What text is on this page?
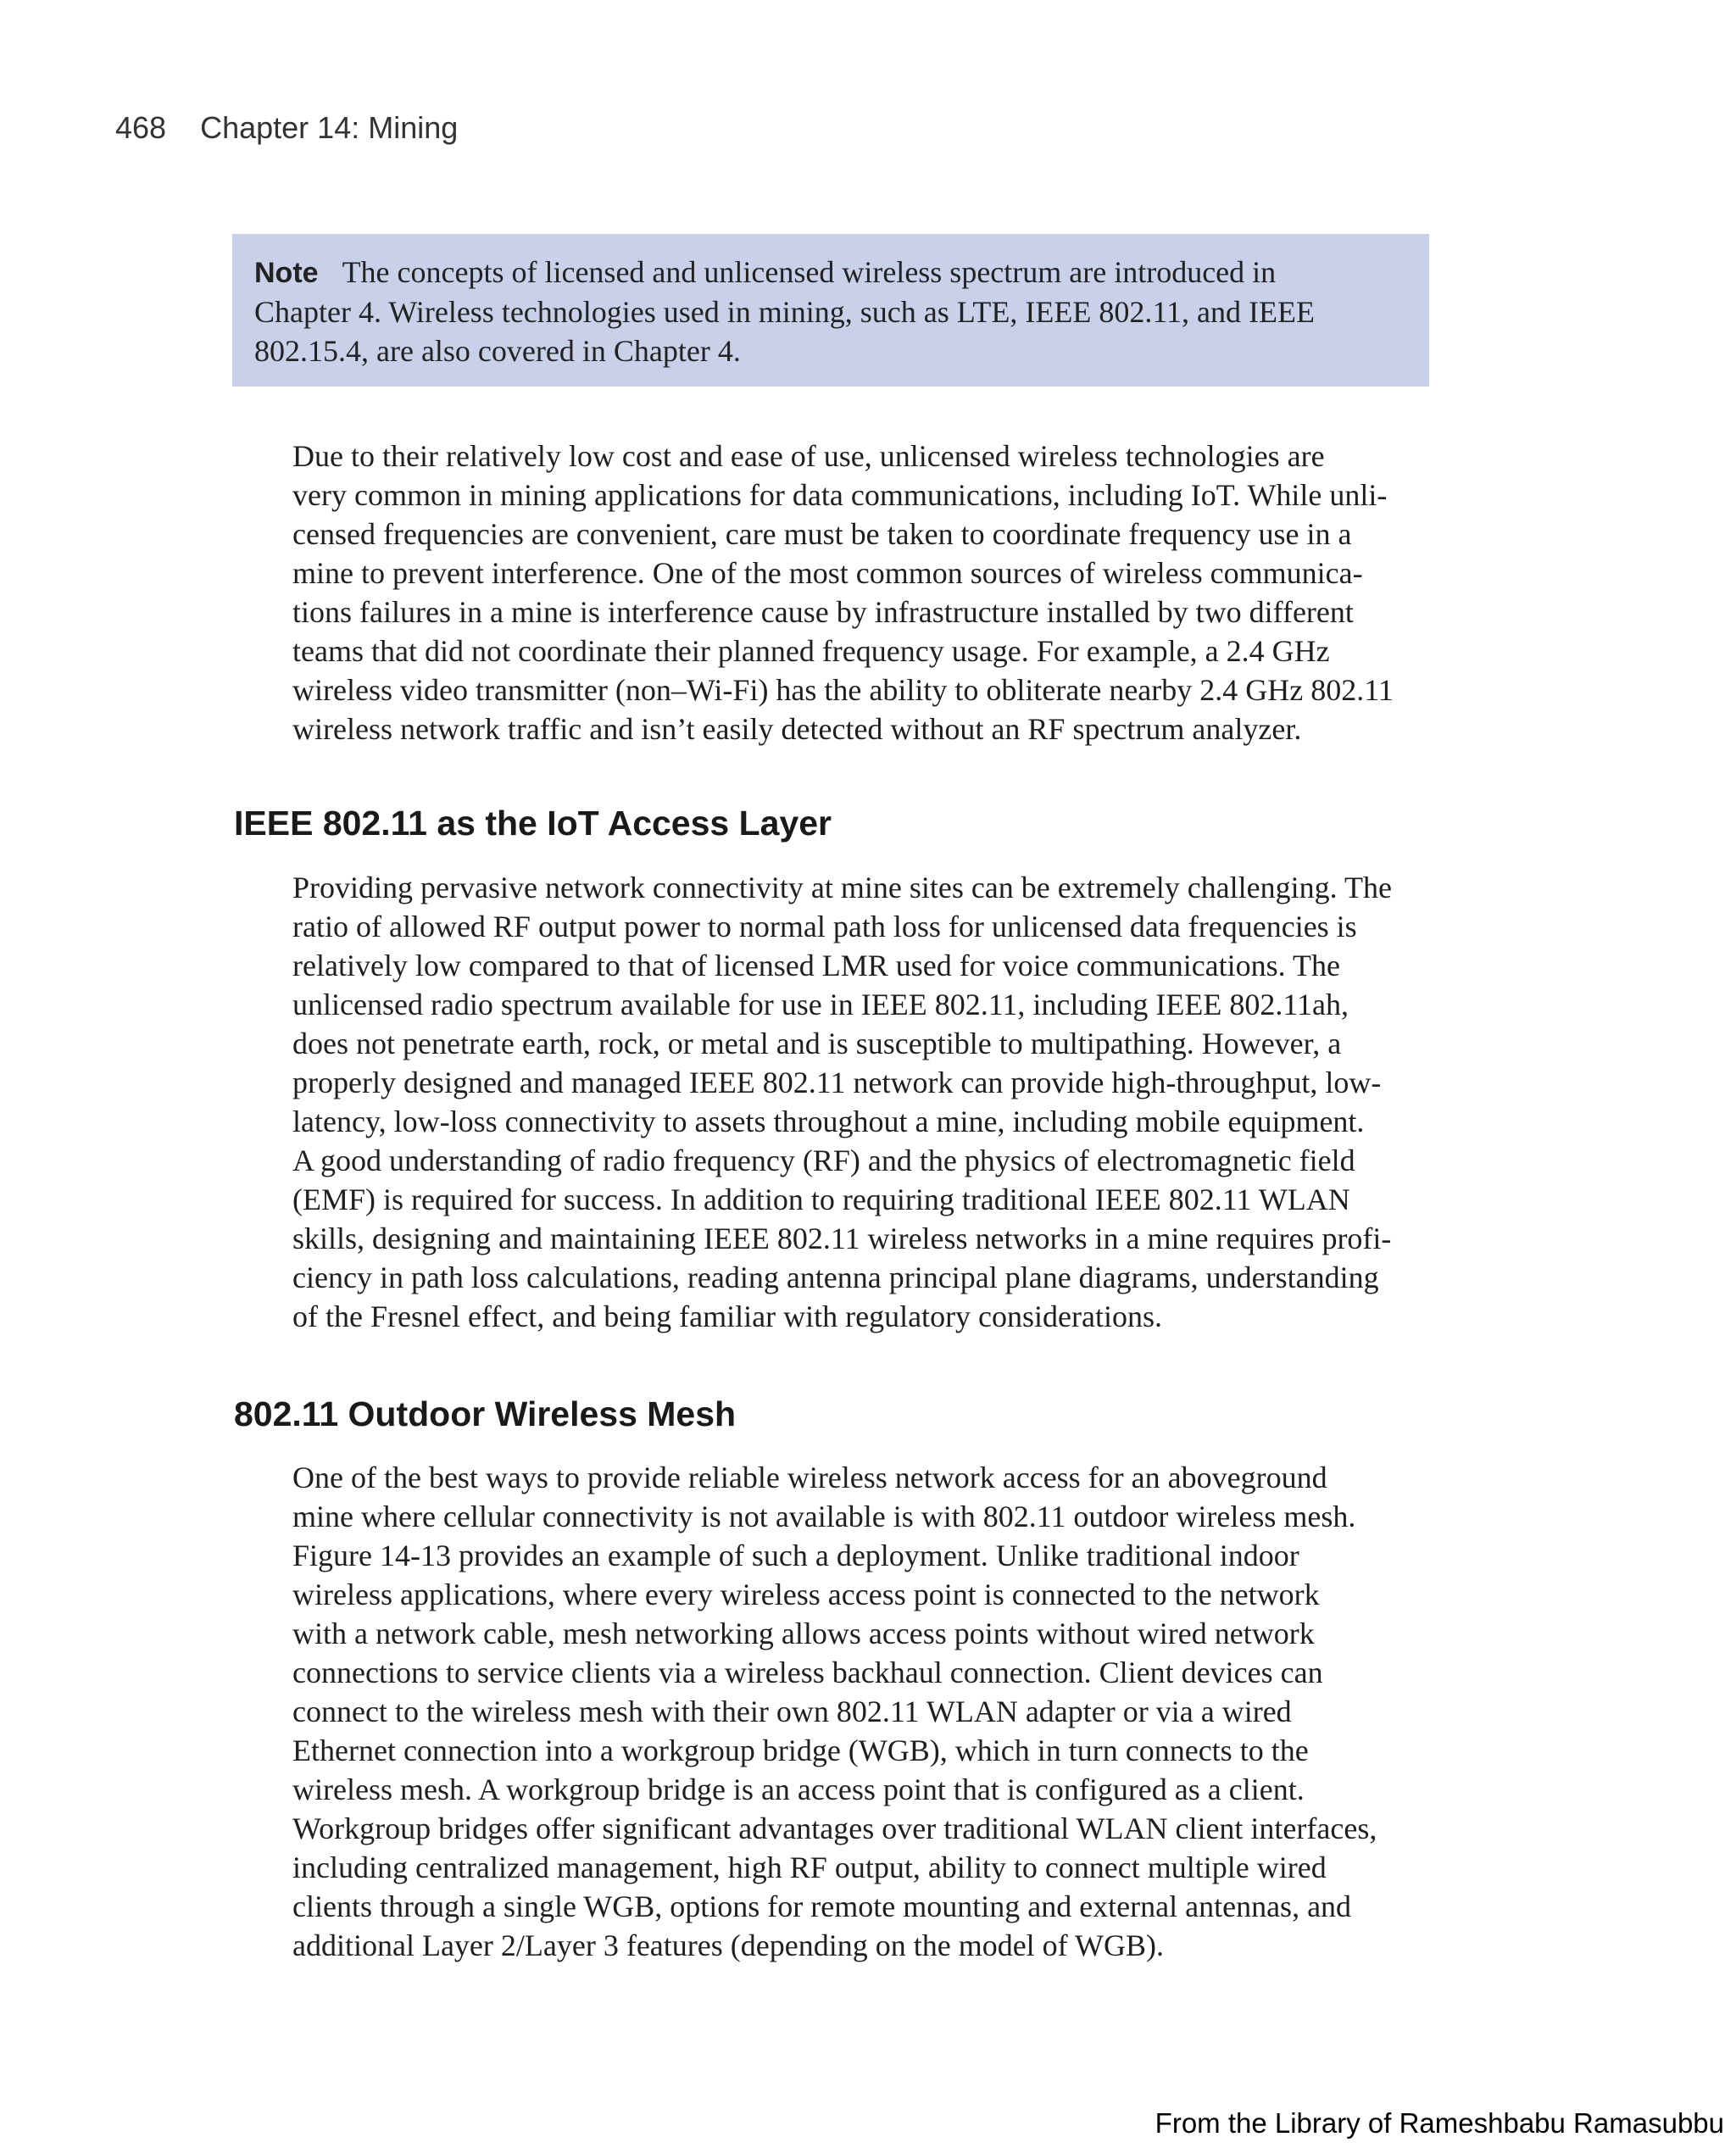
468 Chapter 14: Mining
Note The concepts of licensed and unlicensed wireless spectrum are introduced in
Chapter 4. Wireless technologies used in mining, such as LTE, IEEE 802.11, and IEEE
802.15.4, are also covered in Chapter 4.
Due to their relatively low cost and ease of use, unlicensed wireless technologies are
very common in mining applications for data communications, including IoT. While unli-
censed frequencies are convenient, care must be taken to coordinate frequency use in a
mine to prevent interference. One of the most common sources of wireless communica-
tions failures in a mine is interference cause by infrastructure installed by two different
teams that did not coordinate their planned frequency usage. For example, a 2.4 GHz
wireless video transmitter (non–Wi-Fi) has the ability to obliterate nearby 2.4 GHz 802.11
wireless network traffic and isn’t easily detected without an RF spectrum analyzer.
IEEE 802.11 as the IoT Access Layer
Providing pervasive network connectivity at mine sites can be extremely challenging. The
ratio of allowed RF output power to normal path loss for unlicensed data frequencies is
relatively low compared to that of licensed LMR used for voice communications. The
unlicensed radio spectrum available for use in IEEE 802.11, including IEEE 802.11ah,
does not penetrate earth, rock, or metal and is susceptible to multipathing. However, a
properly designed and managed IEEE 802.11 network can provide high-throughput, low-
latency, low-loss connectivity to assets throughout a mine, including mobile equipment.
A good understanding of radio frequency (RF) and the physics of electromagnetic field
(EMF) is required for success. In addition to requiring traditional IEEE 802.11 WLAN
skills, designing and maintaining IEEE 802.11 wireless networks in a mine requires profi-
ciency in path loss calculations, reading antenna principal plane diagrams, understanding
of the Fresnel effect, and being familiar with regulatory considerations.
802.11 Outdoor Wireless Mesh
One of the best ways to provide reliable wireless network access for an aboveground
mine where cellular connectivity is not available is with 802.11 outdoor wireless mesh.
Figure 14-13 provides an example of such a deployment. Unlike traditional indoor
wireless applications, where every wireless access point is connected to the network
with a network cable, mesh networking allows access points without wired network
connections to service clients via a wireless backhaul connection. Client devices can
connect to the wireless mesh with their own 802.11 WLAN adapter or via a wired
Ethernet connection into a workgroup bridge (WGB), which in turn connects to the
wireless mesh. A workgroup bridge is an access point that is configured as a client.
Workgroup bridges offer significant advantages over traditional WLAN client interfaces,
including centralized management, high RF output, ability to connect multiple wired
clients through a single WGB, options for remote mounting and external antennas, and
additional Layer 2/Layer 3 features (depending on the model of WGB).
From the Library of Rameshbabu Ramasubbu
